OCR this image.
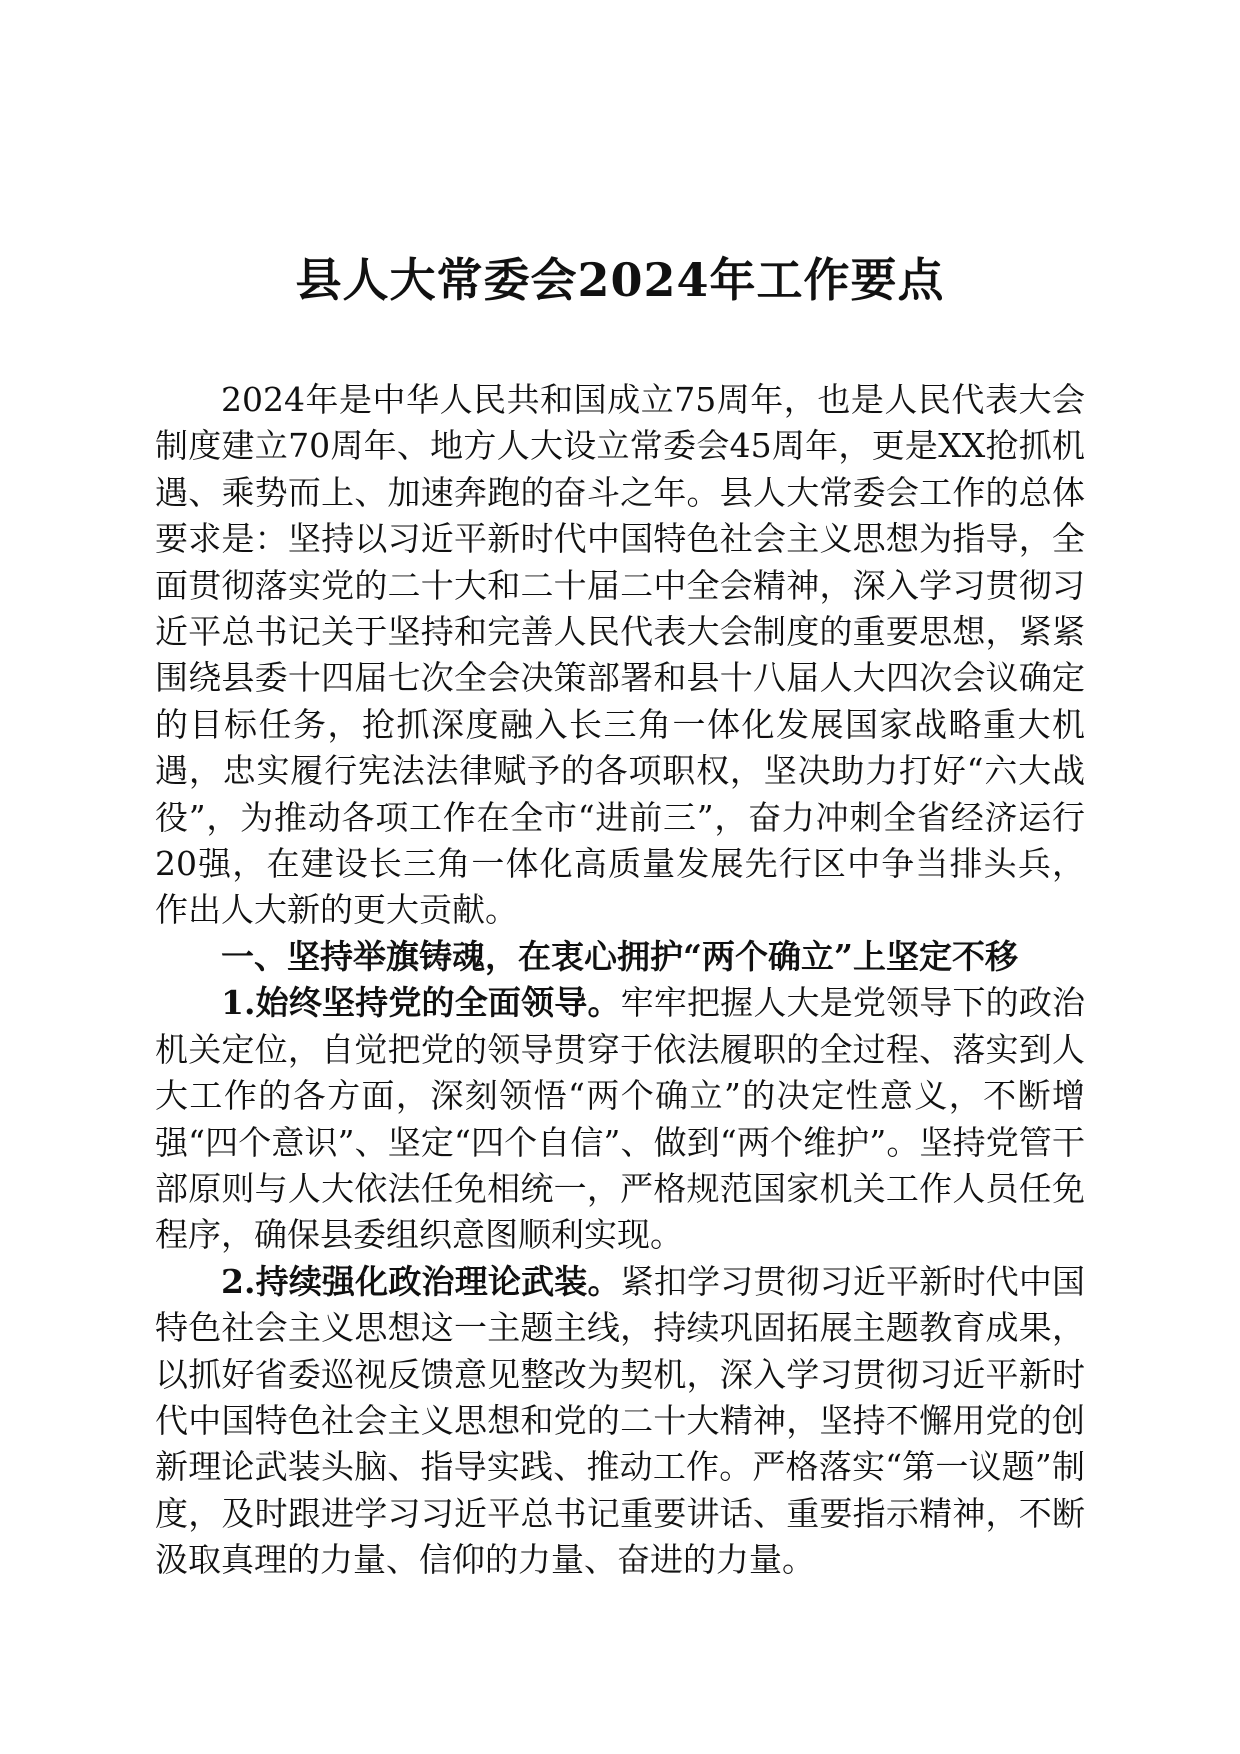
县人大常委会2024年工作要点

2024年是中华人民共和国成立75周年，也是人民代表大会制度建立70周年、地方人大设立常委会45周年，更是XX抢抓机遇、乘势而上、加速奔跑的奋斗之年。县人大常委会工作的总体要求是：坚持以习近平新时代中国特色社会主义思想为指导，全面贯彻落实党的二十大和二十届二中全会精神，深入学习贯彻习近平总书记关于坚持和完善人民代表大会制度的重要思想，紧紧围绕县委十四届七次全会决策部署和县十八届人大四次会议确定的目标任务，抢抓深度融入长三角一体化发展国家战略重大机遇，忠实履行宪法法律赋予的各项职权，坚决助力打好“六大战役”，为推动各项工作在全市“进前三”，奋力冲刺全省经济运行20强，在建设长三角一体化高质量发展先行区中争当排头兵，作出人大新的更大贡献。

一、坚持举旗铸魂，在衷心拥护“两个确立”上坚定不移

1.始终坚持党的全面领导。牢牢把握人大是党领导下的政治机关定位，自觉把党的领导贯穿于依法履职的全过程、落实到人大工作的各方面，深刻领悟“两个确立”的决定性意义，不断增强“四个意识”、坚定“四个自信”、做到“两个维护”。坚持党管干部原则与人大依法任免相统一，严格规范国家机关工作人员任免程序，确保县委组织意图顺利实现。

2.持续强化政治理论武装。紧扣学习贯彻习近平新时代中国特色社会主义思想这一主题主线，持续巩固拓展主题教育成果，以抓好省委巡视反馈意见整改为契机，深入学习贯彻习近平新时代中国特色社会主义思想和党的二十大精神，坚持不懈用党的创新理论武装头脑、指导实践、推动工作。严格落实“第一议题”制度，及时跟进学习习近平总书记重要讲话、重要指示精神，不断汲取真理的力量、信仰的力量、奋进的力量。
